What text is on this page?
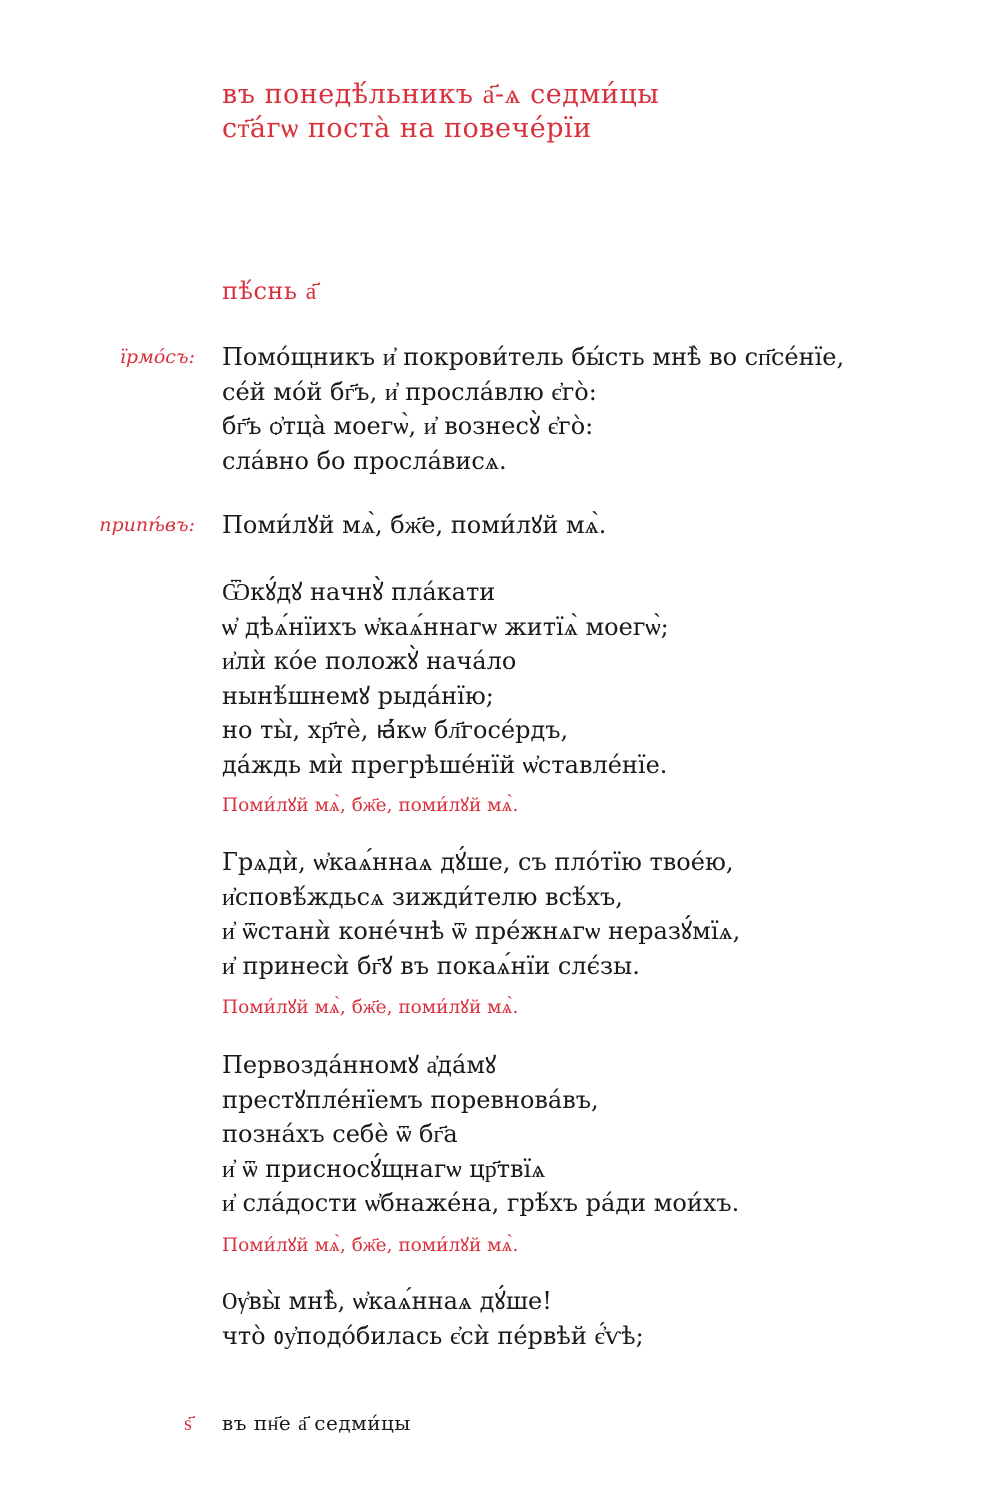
въ понедѣ́льникъ а҃-ѧ седми́цы
ст҃а́гѡ поста̀ на повече́рїи
пѣ́снь а҃
їрмо́съ: Помо́щникъ и҆ покрови́тель бы́сть мнѣ̀ во сп҃се́нїе,
се́й мо́й бг҃ъ, и҆ просла́влю є҆го̀:
бг҃ъ ѻ҆тца̀ моегѡ̀, и҆ вознесꙋ̀ є҆го̀:
сла́вно бо просла́висѧ.
припѣ́въ: Поми́лꙋй мѧ̀, бж҃е, поми́лꙋй мѧ̀.
Ѿкꙋ́дꙋ начнꙋ̀ пла́кати
ѡ҆ дѣѧ́нїихъ ѡ҆каѧ́ннагѡ житїѧ̀ моегѡ̀;
и҆лѝ ко́е положꙋ̀ нача́ло
нынѣ́шнемꙋ рыда́нїю;
но ты̀, хр҃тѐ, ꙗ҆́кѡ бл҃госе́рдъ,
да́ждь мѝ прегрѣше́нїй ѡ҆ставле́нїе.
Поми́лꙋй мѧ̀, бж҃е, поми́лꙋй мѧ̀.
Грѧдѝ, ѡ҆каѧ́ннаѧ дꙋ́ше, съ пло́тїю твое́ю,
и҆сповѣ́ждьсѧ зижди́телю всѣ́хъ,
и҆ ѿстанѝ коне́чнѣ ѿ пре́жнѧгѡ неразꙋ́мїѧ,
и҆ принесѝ бг҃ꙋ въ покаѧ́нїи слє́зы.
Поми́лꙋй мѧ̀, бж҃е, поми́лꙋй мѧ̀.
Первозда́нномꙋ а҆да́мꙋ
престꙋпле́нїемъ поревнова́въ,
позна́хъ себѐ ѿ бг҃а
и҆ ѿ присносꙋ́щнагѡ цр҃твїѧ
и҆ сла́дости ѡ҆бнаже́на, грѣ́хъ ра́ди мои́хъ.
Поми́лꙋй мѧ̀, бж҃е, поми́лꙋй мѧ̀.
Ѹ҆вы̀ мнѣ̀, ѡ҆каѧ́ннаѧ дꙋ́ше!
что̀ ᲂу҆подо́билась є҆сѝ пе́рвѣй є҆́ѵѣ;
ѕ҃ въ пн҃е а҃ седми́цы
